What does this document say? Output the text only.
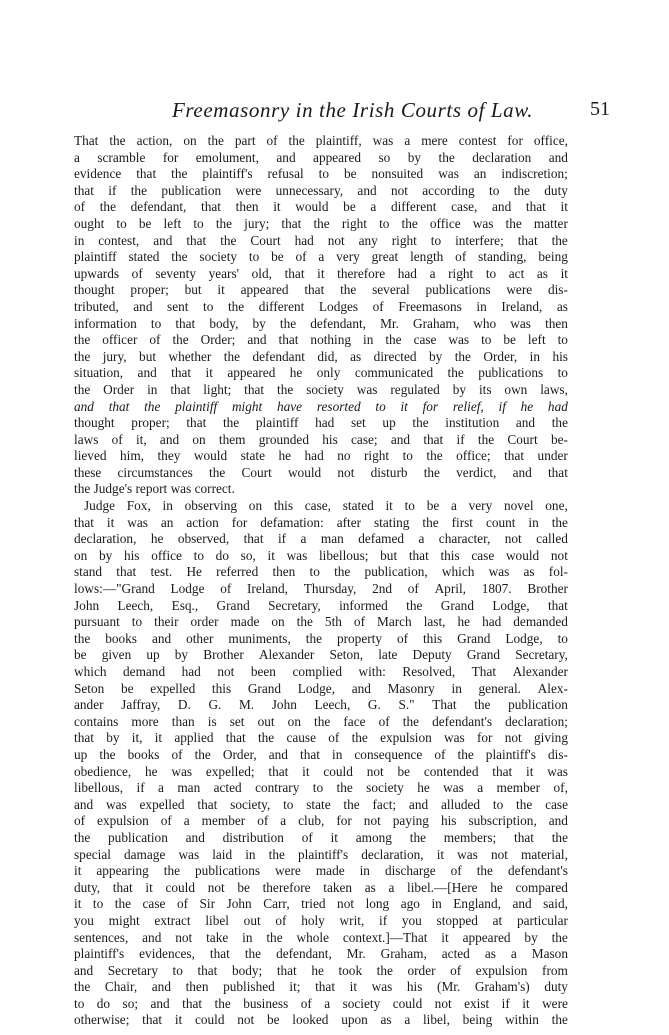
Freemasonry in the Irish Courts of Law.	51
That the action, on the part of the plaintiff, was a mere contest for office,
a scramble for emolument, and appeared so by the declaration and
evidence that the plaintiff's refusal to be nonsuited was an indiscretion;
that if the publication were unnecessary, and not according to the duty
of the defendant, that then it would be a different case, and that it
ought to be left to the jury; that the right to the office was the matter
in contest, and that the Court had not any right to interfere; that the
plaintiff stated the society to be of a very great length of standing, being
upwards of seventy years' old, that it therefore had a right to act as it
thought proper; but it appeared that the several publications were dis-
tributed, and sent to the different Lodges of Freemasons in Ireland, as
information to that body, by the defendant, Mr. Graham, who was then
the officer of the Order; and that nothing in the case was to be left to
the jury, but whether the defendant did, as directed by the Order, in his
situation, and that it appeared he only communicated the publications to
the Order in that light; that the society was regulated by its own laws,
and that the plaintiff might have resorted to it for relief, if he had
thought proper; that the plaintiff had set up the institution and the
laws of it, and on them grounded his case; and that if the Court be-
lieved him, they would state he had no right to the office; that under
these circumstances the Court would not disturb the verdict, and that
the Judge's report was correct.
Judge Fox, in observing on this case, stated it to be a very novel one,
that it was an action for defamation: after stating the first count in the
declaration, he observed, that if a man defamed a character, not called
on by his office to do so, it was libellous; but that this case would not
stand that test. He referred then to the publication, which was as fol-
lows:—"Grand Lodge of Ireland, Thursday, 2nd of April, 1807. Brother
John Leech, Esq., Grand Secretary, informed the Grand Lodge, that
pursuant to their order made on the 5th of March last, he had demanded
the books and other muniments, the property of this Grand Lodge, to
be given up by Brother Alexander Seton, late Deputy Grand Secretary,
which demand had not been complied with: Resolved, That Alexander
Seton be expelled this Grand Lodge, and Masonry in general. Alex-
ander Jaffray, D. G. M. John Leech, G. S." That the publication
contains more than is set out on the face of the defendant's declaration;
that by it, it applied that the cause of the expulsion was for not giving
up the books of the Order, and that in consequence of the plaintiff's dis-
obedience, he was expelled; that it could not be contended that it was
libellous, if a man acted contrary to the society he was a member of,
and was expelled that society, to state the fact; and alluded to the case
of expulsion of a member of a club, for not paying his subscription, and
the publication and distribution of it among the members; that the
special damage was laid in the plaintiff's declaration, it was not material,
it appearing the publications were made in discharge of the defendant's
duty, that it could not be therefore taken as a libel.—[Here he compared
it to the case of Sir John Carr, tried not long ago in England, and said,
you might extract libel out of holy writ, if you stopped at particular
sentences, and not take in the whole context.]—That it appeared by the
plaintiff's evidences, that the defendant, Mr. Graham, acted as a Mason
and Secretary to that body; that he took the order of expulsion from
the Chair, and then published it; that it was his (Mr. Graham's) duty
to do so; and that the business of a society could not exist if it were
otherwise; that it could not be looked upon as a libel, being within the
